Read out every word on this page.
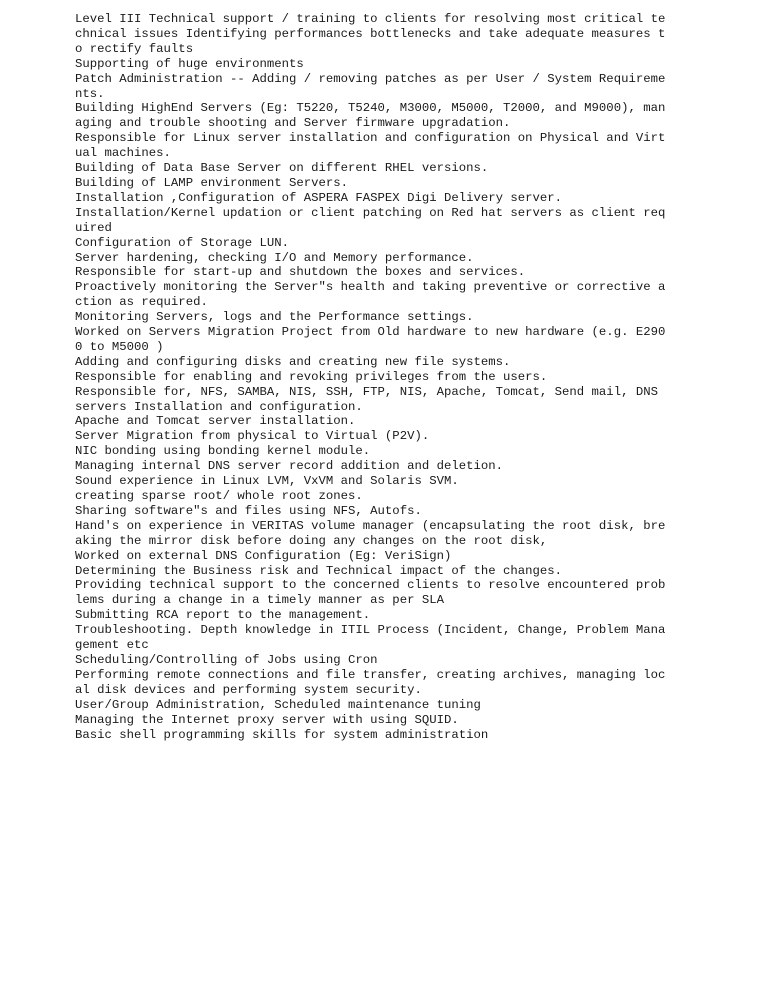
Level III Technical support / training to clients for resolving most critical te
chnical issues Identifying performances bottlenecks and take adequate measures t
o rectify faults
Supporting of huge environments
Patch Administration -- Adding / removing patches as per User / System Requireme
nts.
Building HighEnd Servers (Eg: T5220, T5240, M3000, M5000, T2000, and M9000), man
aging and trouble shooting and Server firmware upgradation.
Responsible for Linux server installation and configuration on Physical and Virt
ual machines.
Building of Data Base Server on different RHEL versions.
Building of LAMP environment Servers.
Installation ,Configuration of ASPERA FASPEX Digi Delivery server.
Installation/Kernel updation or client patching on Red hat servers as client req
uired
Configuration of Storage LUN.
Server hardening, checking I/O and Memory performance.
Responsible for start-up and shutdown the boxes and services.
Proactively monitoring the Server"s health and taking preventive or corrective a
ction as required.
Monitoring Servers, logs and the Performance settings.
Worked on Servers Migration Project from Old hardware to new hardware (e.g. E290
0 to M5000 )
Adding and configuring disks and creating new file systems.
Responsible for enabling and revoking privileges from the users.
Responsible for, NFS, SAMBA, NIS, SSH, FTP, NIS, Apache, Tomcat, Send mail, DNS
servers Installation and configuration.
Apache and Tomcat server installation.
Server Migration from physical to Virtual (P2V).
NIC bonding using bonding kernel module.
Managing internal DNS server record addition and deletion.
Sound experience in Linux LVM, VxVM and Solaris SVM.
creating sparse root/ whole root zones.
Sharing software"s and files using NFS, Autofs.
Hand's on experience in VERITAS volume manager (encapsulating the root disk, bre
aking the mirror disk before doing any changes on the root disk,
Worked on external DNS Configuration (Eg: VeriSign)
Determining the Business risk and Technical impact of the changes.
Providing technical support to the concerned clients to resolve encountered prob
lems during a change in a timely manner as per SLA
Submitting RCA report to the management.
Troubleshooting. Depth knowledge in ITIL Process (Incident, Change, Problem Mana
gement etc
Scheduling/Controlling of Jobs using Cron
Performing remote connections and file transfer, creating archives, managing loc
al disk devices and performing system security.
User/Group Administration, Scheduled maintenance tuning
Managing the Internet proxy server with using SQUID.
Basic shell programming skills for system administration
